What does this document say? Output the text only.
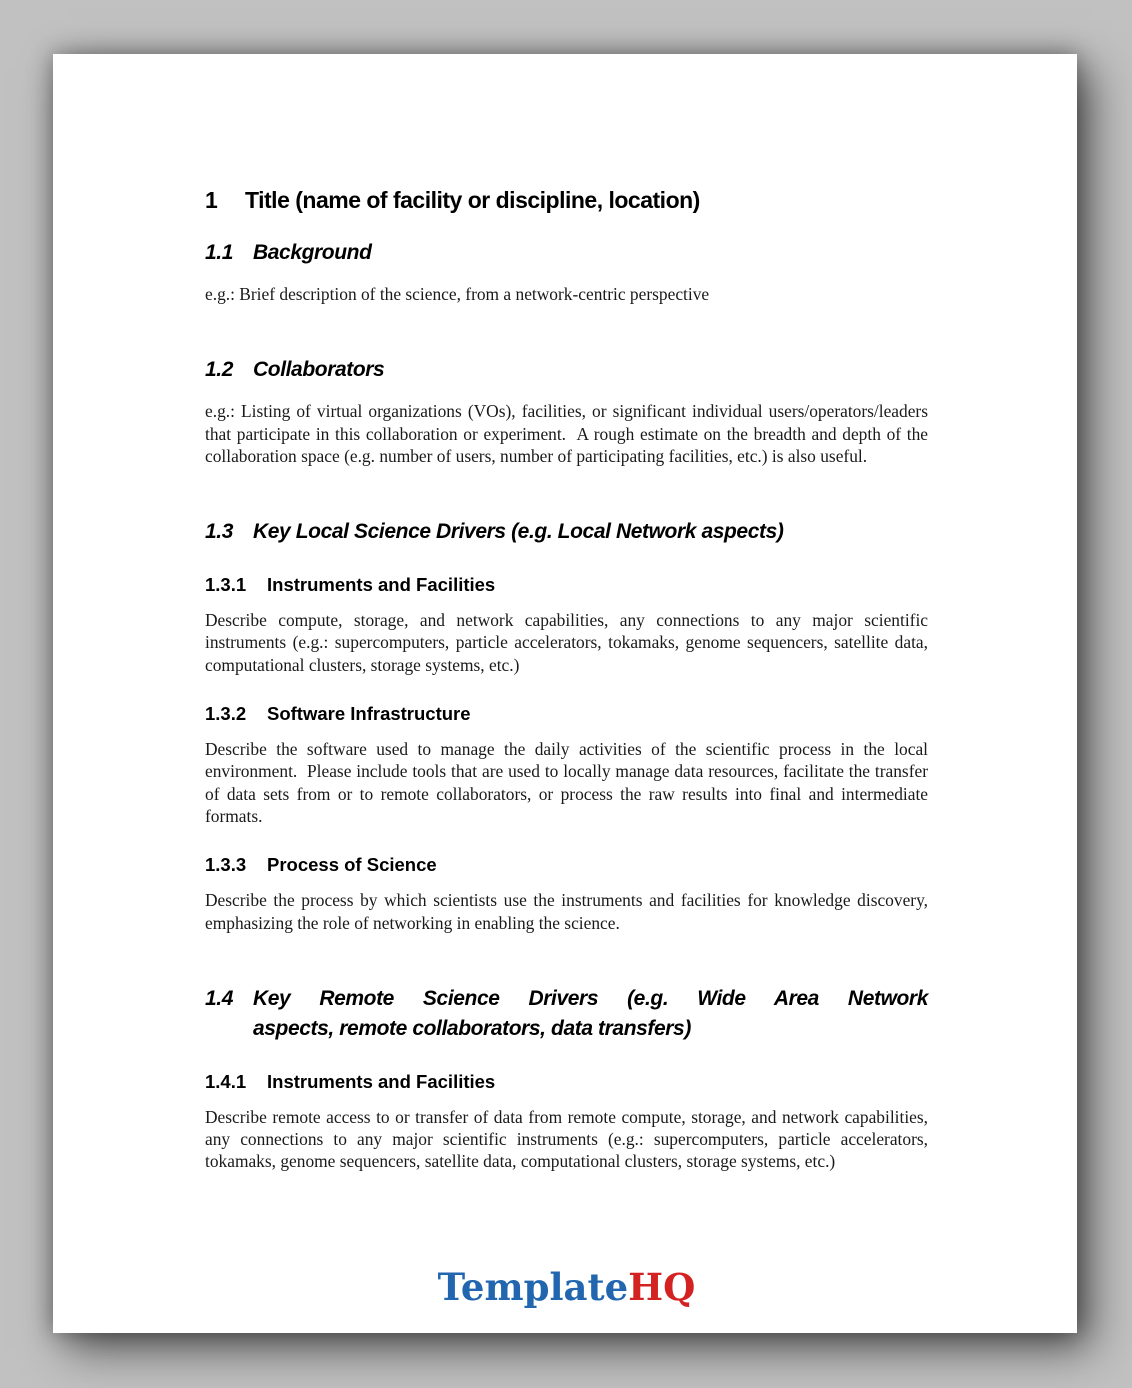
1	Title (name of facility or discipline, location)
1.1 Background

e.g.: Brief description of the science, from a network-centric perspective

1.2 Collaborators

e.g.: Listing of virtual organizations (VOs), facilities, or significant individual users/operators/leaders that participate in this collaboration or experiment.  A rough estimate on the breadth and depth of the collaboration space (e.g. number of users, number of participating facilities, etc.) is also useful.

1.3 Key Local Science Drivers (e.g. Local Network aspects)
1.3.1	Instruments and Facilities

Describe compute, storage, and network capabilities, any connections to any major scientific instruments (e.g.: supercomputers, particle accelerators, tokamaks, genome sequencers, satellite data, computational clusters, storage systems, etc.)

1.3.2	Software Infrastructure

Describe the software used to manage the daily activities of the scientific process in the local environment.  Please include tools that are used to locally manage data resources, facilitate the transfer of data sets from or to remote collaborators, or process the raw results into final and intermediate formats.

1.3.3	Process of Science

Describe the process by which scientists use the instruments and facilities for knowledge discovery, emphasizing the role of networking in enabling the science.

1.4 Key Remote Science Drivers (e.g. Wide Area Network
aspects, remote collaborators, data transfers)
1.4.1	Instruments and Facilities

Describe remote access to or transfer of data from remote compute, storage, and network capabilities, any connections to any major scientific instruments (e.g.: supercomputers, particle accelerators, tokamaks, genome sequencers, satellite data, computational clusters, storage systems, etc.)

TemplateHQ
